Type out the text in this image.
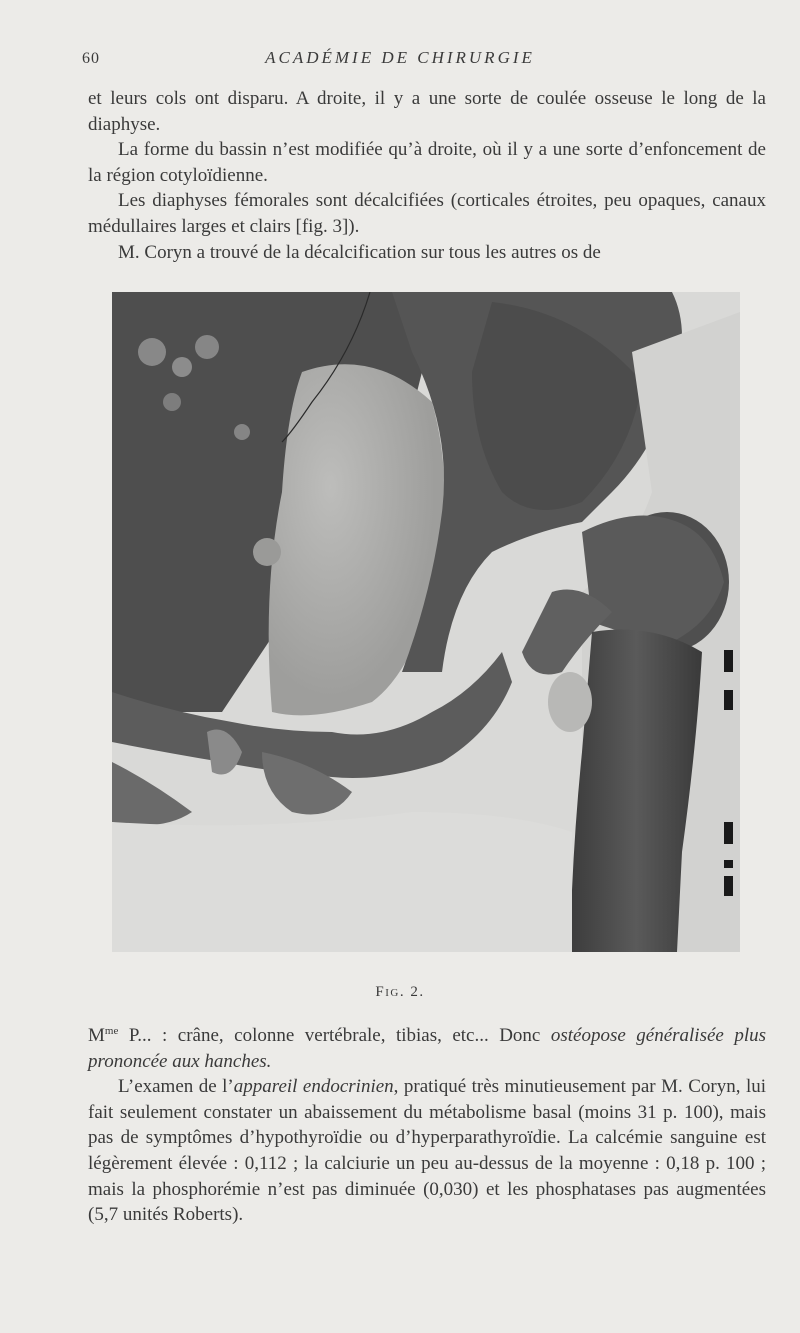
60	ACADÉMIE DE CHIRURGIE

et leurs cols ont disparu. A droite, il y a une sorte de coulée osseuse le long de la diaphyse.

La forme du bassin n’est modifiée qu’à droite, où il y a une sorte d’enfoncement de la région cotyloïdienne.

Les diaphyses fémorales sont décalcifiées (corticales étroites, peu opaques, canaux médullaires larges et clairs [fig. 3]).

M. Coryn a trouvé de la décalcification sur tous les autres os de

Fig. 2.

$M^{me}$ P... : crâne, colonne vertébrale, tibias, etc... Donc ostéopose généralisée plus prononcée aux hanches.

L’examen de l’appareil endocrinien, pratiqué très minutieusement par M. Coryn, lui fait seulement constater un abaissement du métabolisme basal (moins 31 p. 100), mais pas de symptômes d’hypothyroïdie ou d’hyperparathyroïdie. La calcémie sanguine est légèrement élevée : 0,112 ; la calciurie un peu au-dessus de la moyenne : 0,18 p. 100 ; mais la phosphorémie n’est pas diminuée (0,030) et les phosphatases pas augmentées (5,7 unités Roberts).
